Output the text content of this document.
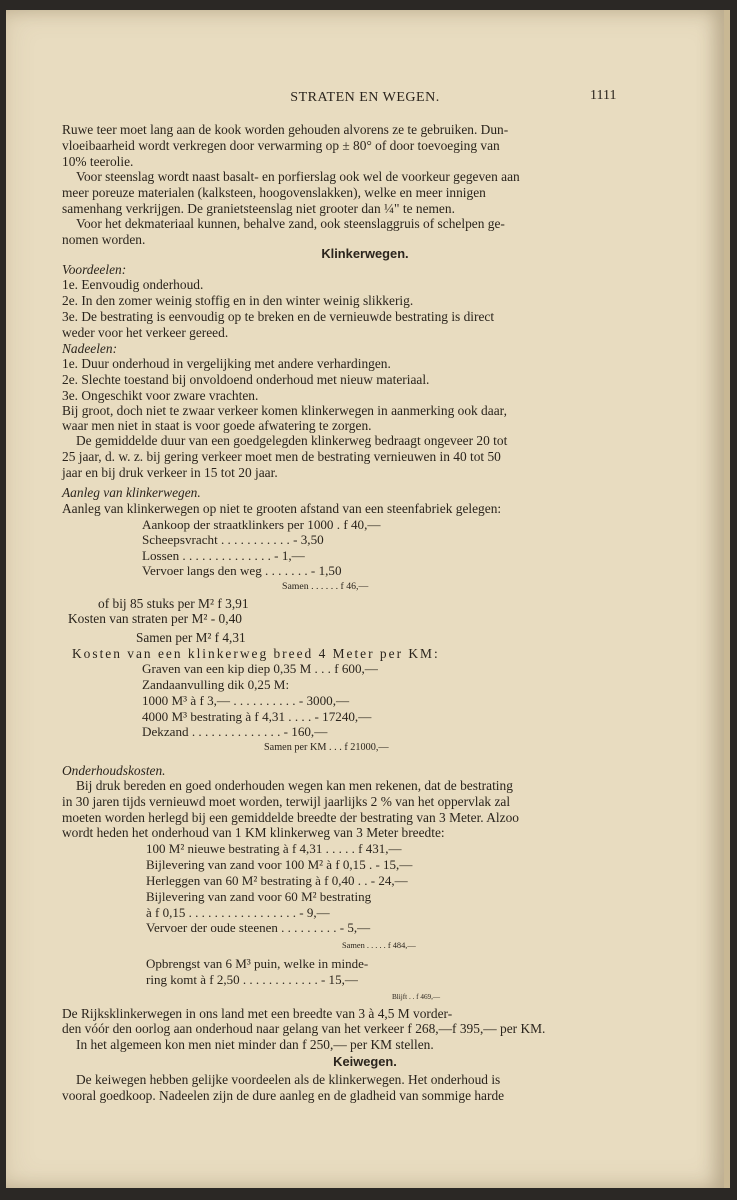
STRATEN EN WEGEN.	1111
Ruwe teer moet lang aan de kook worden gehouden alvorens ze te gebruiken. Dun-
vloeibaarheid wordt verkregen door verwarming op ± 80° of door toevoeging van
10% teerolie.
Voor steenslag wordt naast basalt- en porfierslag ook wel de voorkeur gegeven aan
meer poreuze materialen (kalksteen, hoogovenslakken), welke en meer innigen
samenhang verkrijgen. De granietsteenslag niet grooter dan ¼" te nemen.
Voor het dekmateriaal kunnen, behalve zand, ook steenslaggruis of schelpen ge-
nomen worden.
Klinkerwegen.
Voordeelen:
1e. Eenvoudig onderhoud.
2e. In den zomer weinig stoffig en in den winter weinig slikkerig.
3e. De bestrating is eenvoudig op te breken en de vernieuwde bestrating is direct
weder voor het verkeer gereed.
Nadeelen:
1e. Duur onderhoud in vergelijking met andere verhardingen.
2e. Slechte toestand bij onvoldoend onderhoud met nieuw materiaal.
3e. Ongeschikt voor zware vrachten.
Bij groot, doch niet te zwaar verkeer komen klinkerwegen in aanmerking ook daar,
waar men niet in staat is voor goede afwatering te zorgen.
De gemiddelde duur van een goedgelegden klinkerweg bedraagt ongeveer 20 tot
25 jaar, d. w. z. bij gering verkeer moet men de bestrating vernieuwen in 40 tot 50
jaar en bij druk verkeer in 15 tot 20 jaar.
Aanleg van klinkerwegen.
Aanleg van klinkerwegen op niet te grooten afstand van een steenfabriek gelegen:
Aankoop der straatklinkers per 1000 . f 40,—
Scheepsvracht . . . . . . . . . . . - 3,50
Lossen . . . . . . . . . . . . . . - 1,—
Vervoer langs den weg . . . . . . . - 1,50
Samen . . . . . . f 46,—
of bij 85 stuks per M² f 3,91
Kosten van straten per M² - 0,40
Samen per M² f 4,31
Kosten van een klinkerweg breed 4 Meter per KM:
Graven van een kip diep 0,35 M . . . f 600,—
Zandaanvulling dik 0,25 M:
1000 M³ à f 3,— . . . . . . . . . . - 3000,—
4000 M³ bestrating à f 4,31 . . . . - 17240,—
Dekzand . . . . . . . . . . . . . . - 160,—
Samen per KM . . . f 21000,—
Onderhoudskosten.
Bij druk bereden en goed onderhouden wegen kan men rekenen, dat de bestrating
in 30 jaren tijds vernieuwd moet worden, terwijl jaarlijks 2 % van het oppervlak zal
moeten worden herlegd bij een gemiddelde breedte der bestrating van 3 Meter. Alzoo
wordt heden het onderhoud van 1 KM klinkerweg van 3 Meter breedte:
100 M² nieuwe bestrating à f 4,31 . . . . . f 431,—
Bijlevering van zand voor 100 M² à f 0,15 . - 15,—
Herleggen van 60 M² bestrating à f 0,40 . . - 24,—
Bijlevering van zand voor 60 M² bestrating
à f 0,15 . . . . . . . . . . . . . . . . . - 9,—
Vervoer der oude steenen . . . . . . . . . - 5,—
Samen . . . . . f 484,—
Opbrengst van 6 M³ puin, welke in minde-
ring komt à f 2,50 . . . . . . . . . . . . - 15,—
Blijft . . f 469,—
De Rijksklinkerwegen in ons land met een breedte van 3 à 4,5 M vorder-
den vóór den oorlog aan onderhoud naar gelang van het verkeer f 268,—f 395,— per KM.
In het algemeen kon men niet minder dan f 250,— per KM stellen.
Keiwegen.
De keiwegen hebben gelijke voordeelen als de klinkerwegen. Het onderhoud is
vooral goedkoop. Nadeelen zijn de dure aanleg en de gladheid van sommige harde
